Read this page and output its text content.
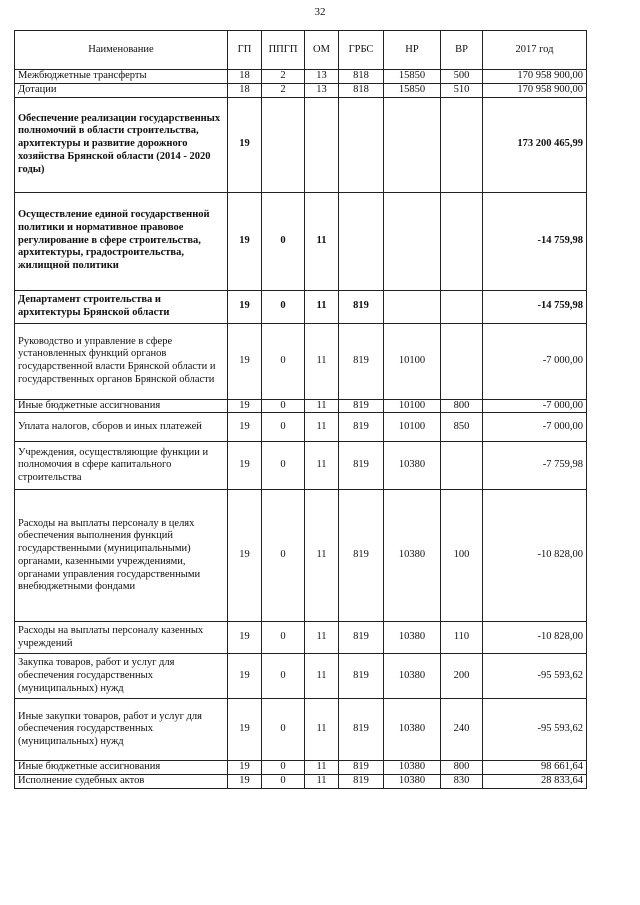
32
Наименование	ГП	ППГП	ОМ	ГРБС	НР	ВР	2017 год
Межбюджетные трансферты	18	2	13	818	15850	500	170 958 900,00
Дотации	18	2	13	818	15850	510	170 958 900,00
Обеспечение реализации государственных полномочий в области строительства, архитектуры и развитие дорожного хозяйства Брянской области (2014 - 2020 годы)	19						173 200 465,99
Осуществление единой государственной политики и нормативное правовое регулирование в сфере строительства, архитектуры, градостроительства, жилищной политики	19	0	11				-14 759,98
Департамент строительства и архитектуры Брянской области	19	0	11	819			-14 759,98
Руководство и управление в сфере установленных функций органов государственной власти Брянской области и государственных органов Брянской области	19	0	11	819	10100		-7 000,00
Иные бюджетные ассигнования	19	0	11	819	10100	800	-7 000,00
Уплата налогов, сборов и иных платежей	19	0	11	819	10100	850	-7 000,00
Учреждения, осуществляющие функции и полномочия в сфере капитального строительства	19	0	11	819	10380		-7 759,98
Расходы на выплаты персоналу в целях обеспечения выполнения функций государственными (муниципальными) органами, казенными учреждениями, органами управления государственными внебюджетными фондами	19	0	11	819	10380	100	-10 828,00
Расходы на выплаты персоналу казенных учреждений	19	0	11	819	10380	110	-10 828,00
Закупка товаров, работ и услуг для обеспечения государственных (муниципальных) нужд	19	0	11	819	10380	200	-95 593,62
Иные закупки товаров, работ и услуг для обеспечения государственных (муниципальных) нужд	19	0	11	819	10380	240	-95 593,62
Иные бюджетные ассигнования	19	0	11	819	10380	800	98 661,64
Исполнение судебных актов	19	0	11	819	10380	830	28 833,64
